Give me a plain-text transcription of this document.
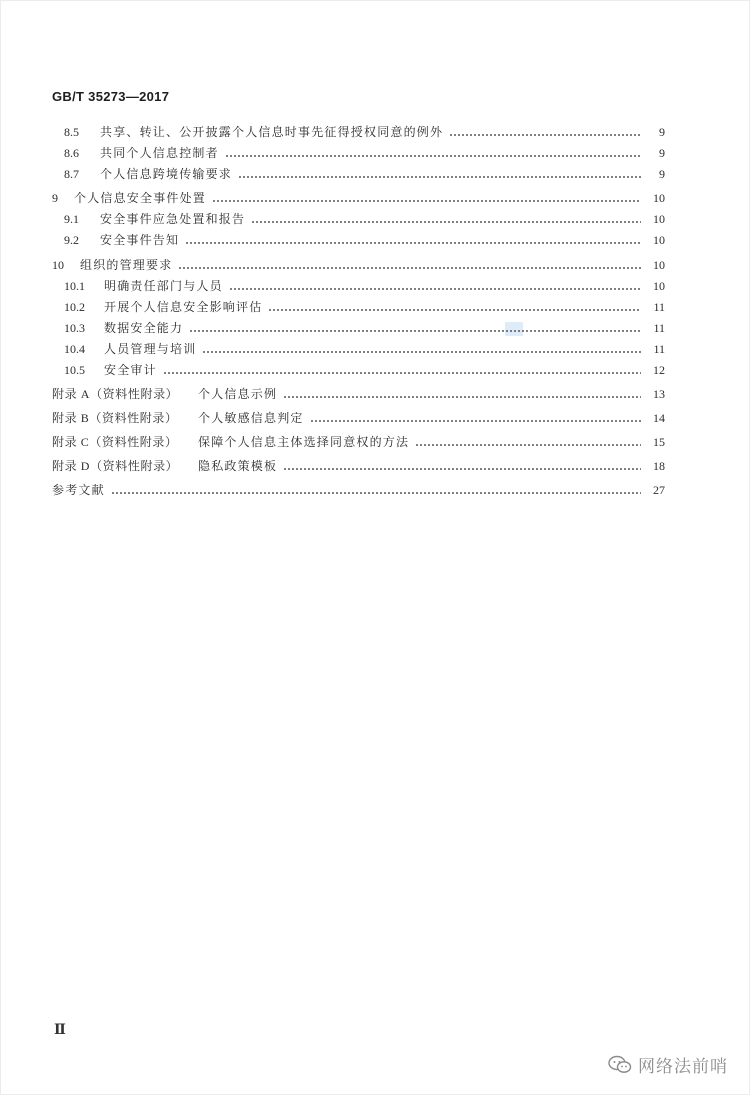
GB/T 35273—2017
8.5	共享、转让、公开披露个人信息时事先征得授权同意的例外	9
8.6	共同个人信息控制者	9
8.7	个人信息跨境传输要求	9
9	个人信息安全事件处置	10
9.1	安全事件应急处置和报告	10
9.2	安全事件告知	10
10	组织的管理要求	10
10.1	明确责任部门与人员	10
10.2	开展个人信息安全影响评估	11
10.3	数据安全能力	11
10.4	人员管理与培训	11
10.5	安全审计	12
附录 A（资料性附录）	个人信息示例	13
附录 B（资料性附录）	个人敏感信息判定	14
附录 C（资料性附录）	保障个人信息主体选择同意权的方法	15
附录 D（资料性附录）	隐私政策模板	18
参考文献	27
Ⅱ
网络法前哨
